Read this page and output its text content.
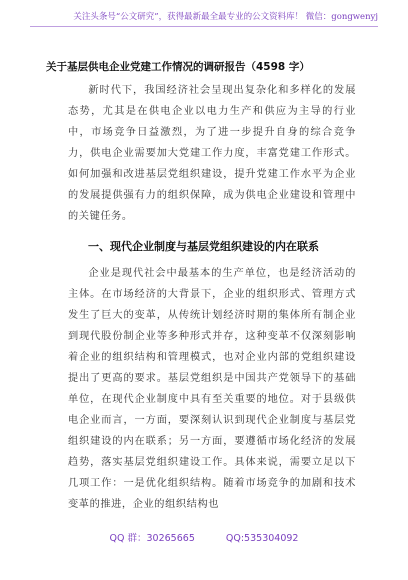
关注头条号“公文研究”，获得最新最全最专业的公文资料库！ 微信：gongwenyj
关于基层供电企业党建工作情况的调研报告（4598 字）
新时代下，我国经济社会呈现出复杂化和多样化的发展态势，尤其是在供电企业以电力生产和供应为主导的行业中，市场竞争日益激烈，为了进一步提升自身的综合竞争力，供电企业需要加大党建工作力度，丰富党建工作形式。如何加强和改进基层党组织建设，提升党建工作水平为企业的发展提供强有力的组织保障，成为供电企业建设和管理中的关键任务。
一、现代企业制度与基层党组织建设的内在联系
企业是现代社会中最基本的生产单位，也是经济活动的主体。在市场经济的大背景下，企业的组织形式、管理方式发生了巨大的变革，从传统计划经济时期的集体所有制企业到现代股份制企业等多种形式并存，这种变革不仅深刻影响着企业的组织结构和管理模式，也对企业内部的党组织建设提出了更高的要求。基层党组织是中国共产党领导下的基础单位，在现代企业制度中具有至关重要的地位。对于县级供电企业而言，一方面，要深刻认识到现代企业制度与基层党组织建设的内在联系；另一方面，要遵循市场化经济的发展趋势，落实基层党组织建设工作。具体来说，需要立足以下几项工作：一是优化组织结构。随着市场竞争的加剧和技术变革的推进，企业的组织结构也
QQ 群：30265665	QQ:535304092
